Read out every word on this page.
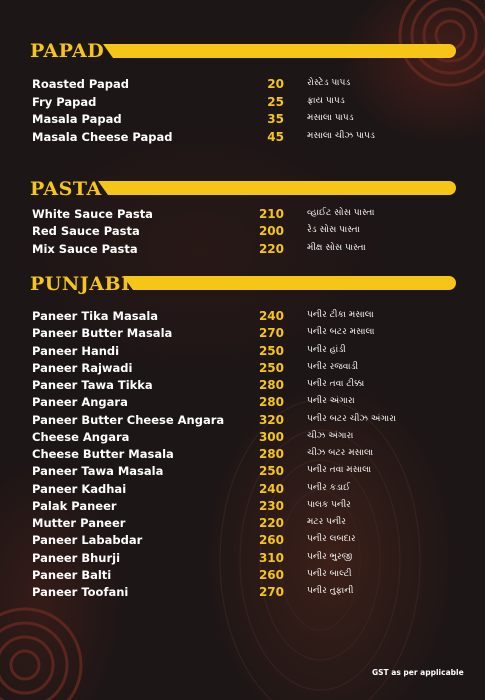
PAPAD
Roasted Papad	20	રોસ્ટેડ પાપડ
Fry Papad	25	ફ્રાય પાપડ
Masala Papad	35	મસાલા પાપડ
Masala Cheese Papad	45	મસાલા ચીઝ પાપડ
PASTA
White Sauce Pasta	210	વ્હાઈટ સોસ પાસ્તા
Red Sauce Pasta	200	રેડ સોસ પાસ્તા
Mix Sauce Pasta	220	મીક્ષ સોસ પાસ્તા
PUNJABI
Paneer Tika Masala	240	પનીર ટીકા મસાલા
Paneer Butter Masala	270	પનીર બટર મસાલા
Paneer Handi	250	પનીર હાંડી
Paneer Rajwadi	250	પનીર રજવાડી
Paneer Tawa Tikka	280	પનીર તવા ટીક્કા
Paneer Angara	280	પનીર અંગારા
Paneer Butter Cheese Angara	320	પનીર બટર ચીઝ અંગારા
Cheese Angara	300	ચીઝ અંગારા
Cheese Butter Masala	280	ચીઝ બટર મસાલા
Paneer Tawa Masala	250	પનીર તવા મસાલા
Paneer Kadhai	240	પનીર કડાઈ
Palak Paneer	230	પાલક પનીર
Mutter Paneer	220	મટર પનીર
Paneer Lababdar	260	પનીર લબદાર
Paneer Bhurji	310	પનીર ભુરજી
Paneer Balti	260	પનીર બાલ્ટી
Paneer Toofani	270	પનીર તુફાની
GST as per applicable
